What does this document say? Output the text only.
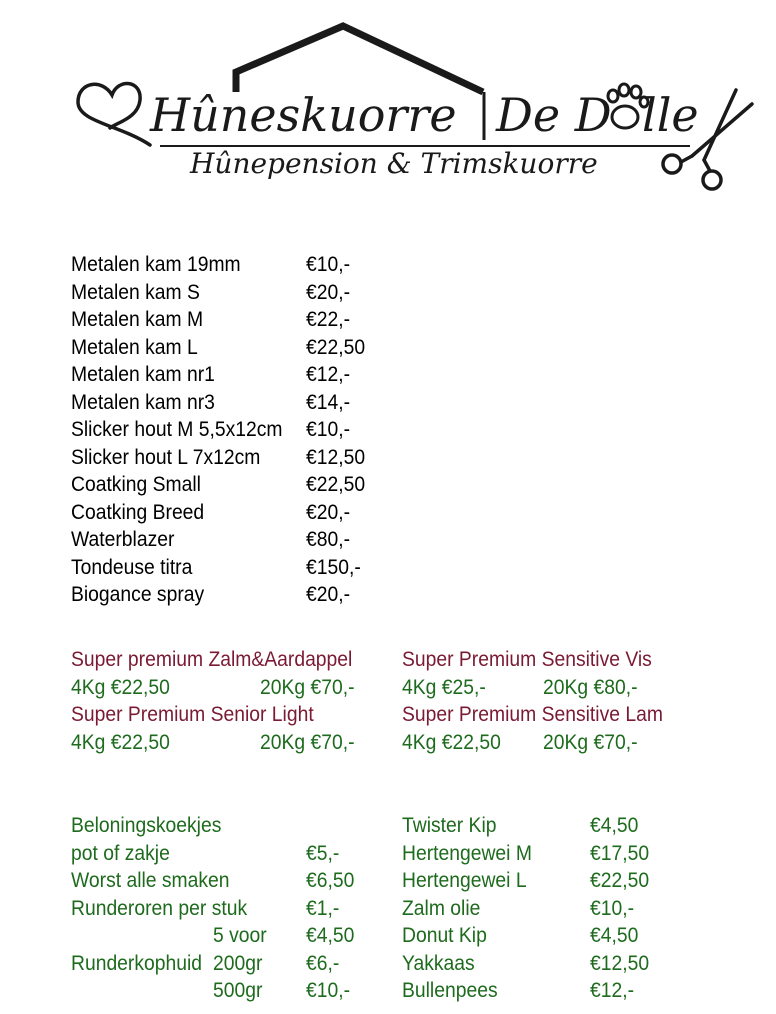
Hûneskuorre De D lle
Hûnepension & Trimskuorre
Metalen kam 19mm	€10,-
Metalen kam S	€20,-
Metalen kam M	€22,-
Metalen kam L	€22,50
Metalen kam nr1	€12,-
Metalen kam nr3	€14,-
Slicker hout M 5,5x12cm €10,-
Slicker hout L 7x12cm €12,50
Coatking Small	€22,50
Coatking Breed	€20,-
Waterblazer	€80,-
Tondeuse titra	€150,-
Biogance spray	€20,-
Super premium Zalm&Aardappel
4Kg €22,50	20Kg €70,-
Super Premium Senior Light
4Kg €22,50	20Kg €70,-
Super Premium Sensitive Vis
4Kg €25,-	20Kg €80,-
Super Premium Sensitive Lam
4Kg €22,50 20Kg €70,-
Beloningskoekjes
pot of zakje	€5,-
Worst alle smaken	€6,50
Runderoren per stuk	€1,-
5 voor €4,50
Runderkophuid 200gr €6,-
500gr €10,-
Twister Kip	€4,50
Hertengewei M	€17,50
Hertengewei L	€22,50
Zalm olie	€10,-
Donut Kip	€4,50
Yakkaas	€12,50
Bullenpees	€12,-
